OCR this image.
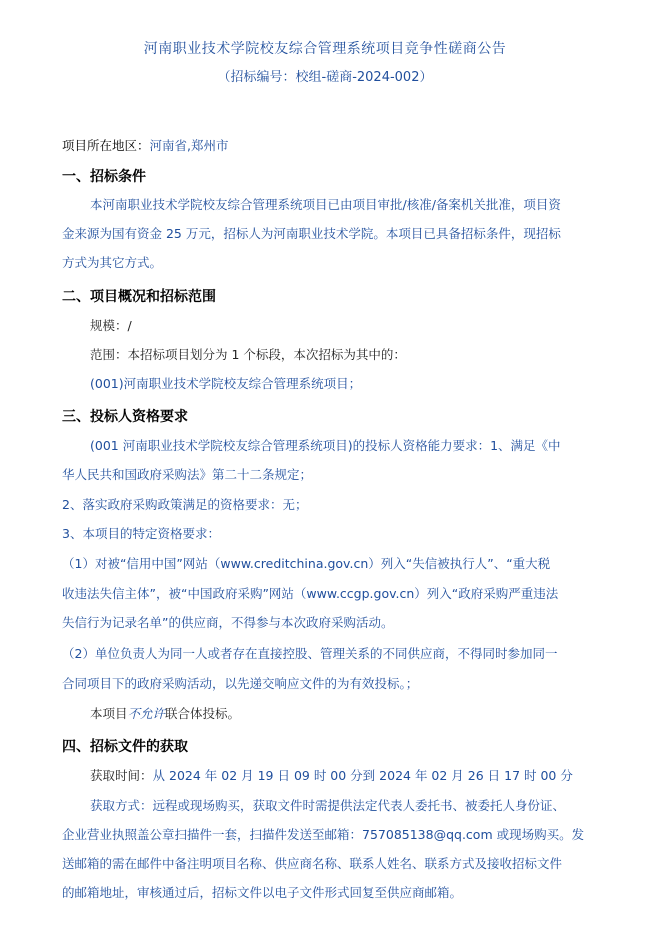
河南职业技术学院校友综合管理系统项目竞争性磋商公告
（招标编号：校组-磋商-2024-002）
项目所在地区：河南省,郑州市
一、招标条件
本河南职业技术学院校友综合管理系统项目已由项目审批/核准/备案机关批准，项目资
金来源为国有资金 25 万元，招标人为河南职业技术学院。本项目已具备招标条件，现招标
方式为其它方式。
二、项目概况和招标范围
规模：/
范围：本招标项目划分为 1 个标段，本次招标为其中的：
(001)河南职业技术学院校友综合管理系统项目；
三、投标人资格要求
(001 河南职业技术学院校友综合管理系统项目)的投标人资格能力要求：1、满足《中
华人民共和国政府采购法》第二十二条规定；
2、落实政府采购政策满足的资格要求：无；
3、本项目的特定资格要求：
（1）对被“信用中国”网站（www.creditchina.gov.cn）列入“失信被执行人”、“重大税
收违法失信主体”，被“中国政府采购”网站（www.ccgp.gov.cn）列入“政府采购严重违法
失信行为记录名单”的供应商，不得参与本次政府采购活动。
（2）单位负责人为同一人或者存在直接控股、管理关系的不同供应商，不得同时参加同一
合同项目下的政府采购活动，以先递交响应文件的为有效投标。；
本项目不允许联合体投标。
四、招标文件的获取
获取时间：从 2024 年 02 月 19 日 09 时 00 分到 2024 年 02 月 26 日 17 时 00 分
获取方式：远程或现场购买，获取文件时需提供法定代表人委托书、被委托人身份证、
企业营业执照盖公章扫描件一套，扫描件发送至邮箱：757085138@qq.com 或现场购买。发
送邮箱的需在邮件中备注明项目名称、供应商名称、联系人姓名、联系方式及接收招标文件
的邮箱地址，审核通过后，招标文件以电子文件形式回复至供应商邮箱。
